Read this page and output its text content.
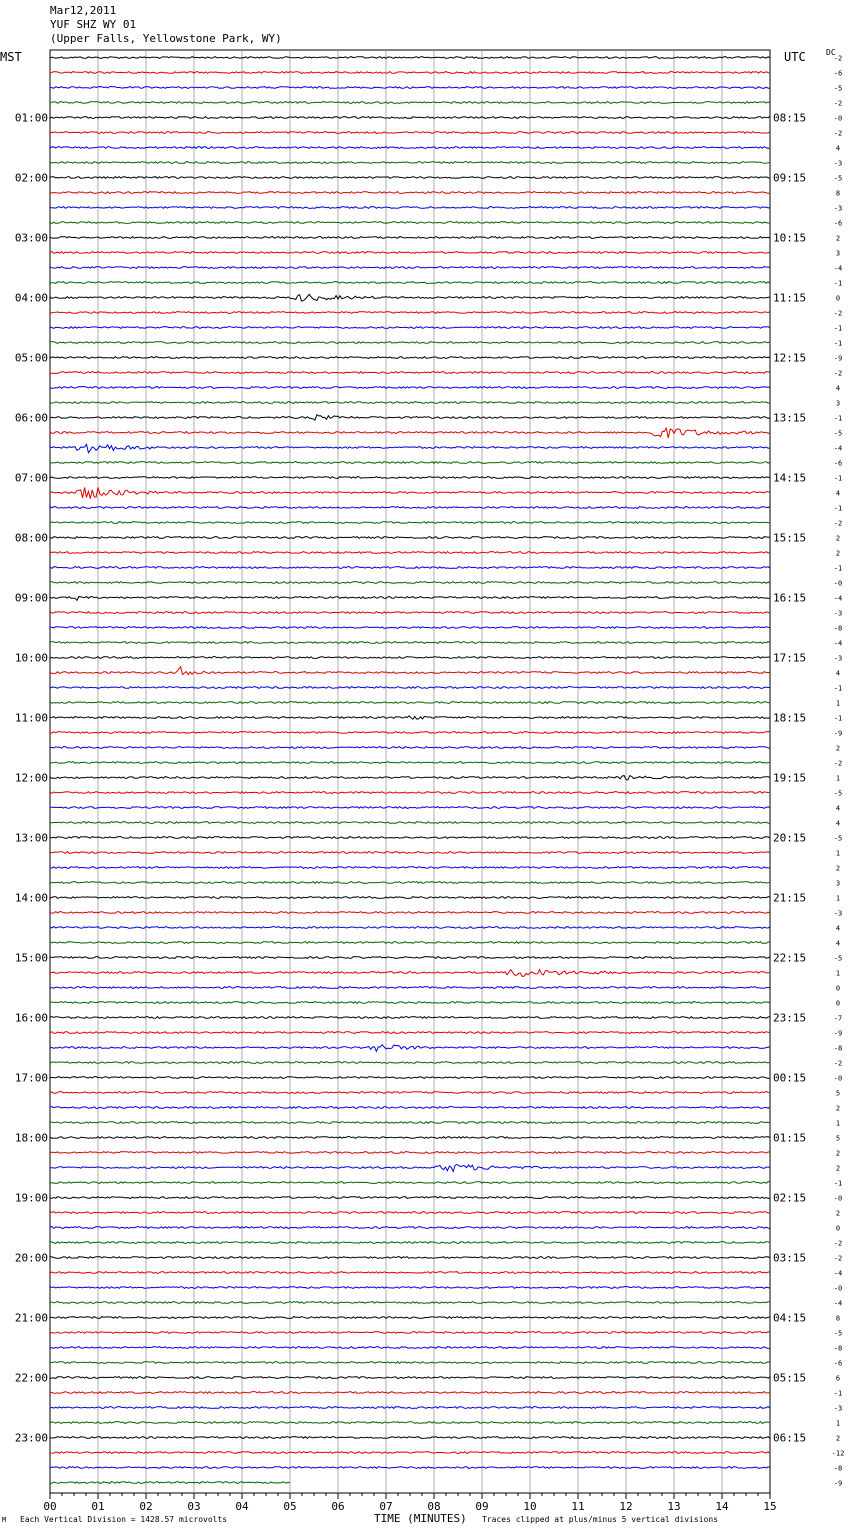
Mar12,2011
YUF SHZ WY 01
(Upper Falls, Yellowstone Park, WY)
MST	UTC	DC
-2
-6
-5
-2
-0
-2
4
-3
-5
8
-3
-6
2
3
-4
-1
0
-2
-1
-1
-9
-2
4
3
-1
-5
-4
-6
-1
4
-1
-2
2
2
-1
-0
-4
-3
-8
-4
-3
4
-1
1
-1
-9
2
-2
1
-5
4
4
-5
1
2
3
1
-3
4
4
-5
1
0
0
-7
-9
-8
-2
-0
5
2
1
5
2
2
-1
-0
2
0
-2
-2
-4
-0
-4
8
-5
-8
-6
6
-1
-3
1
2
-12
-8
-9
01:00
02:00
03:00
04:00
05:00
06:00
07:00
08:00
09:00
10:00
11:00
12:00
13:00
14:00
15:00
16:00
17:00
18:00
19:00
20:00
21:00
22:00
23:00
08:15
09:15
10:15
11:15
12:15
13:15
14:15
15:15
16:15
17:15
18:15
19:15
20:15
21:15
22:15
23:15
00:15
01:15
02:15
03:15
04:15
05:15
06:15
00	01	02	03	04	05	06	07	08	09	10	11	12	13	14	15
M Each Vertical Division = 1428.57 microvolts	TIME (MINUTES) Traces clipped at plus/minus 5 vertical divisions
